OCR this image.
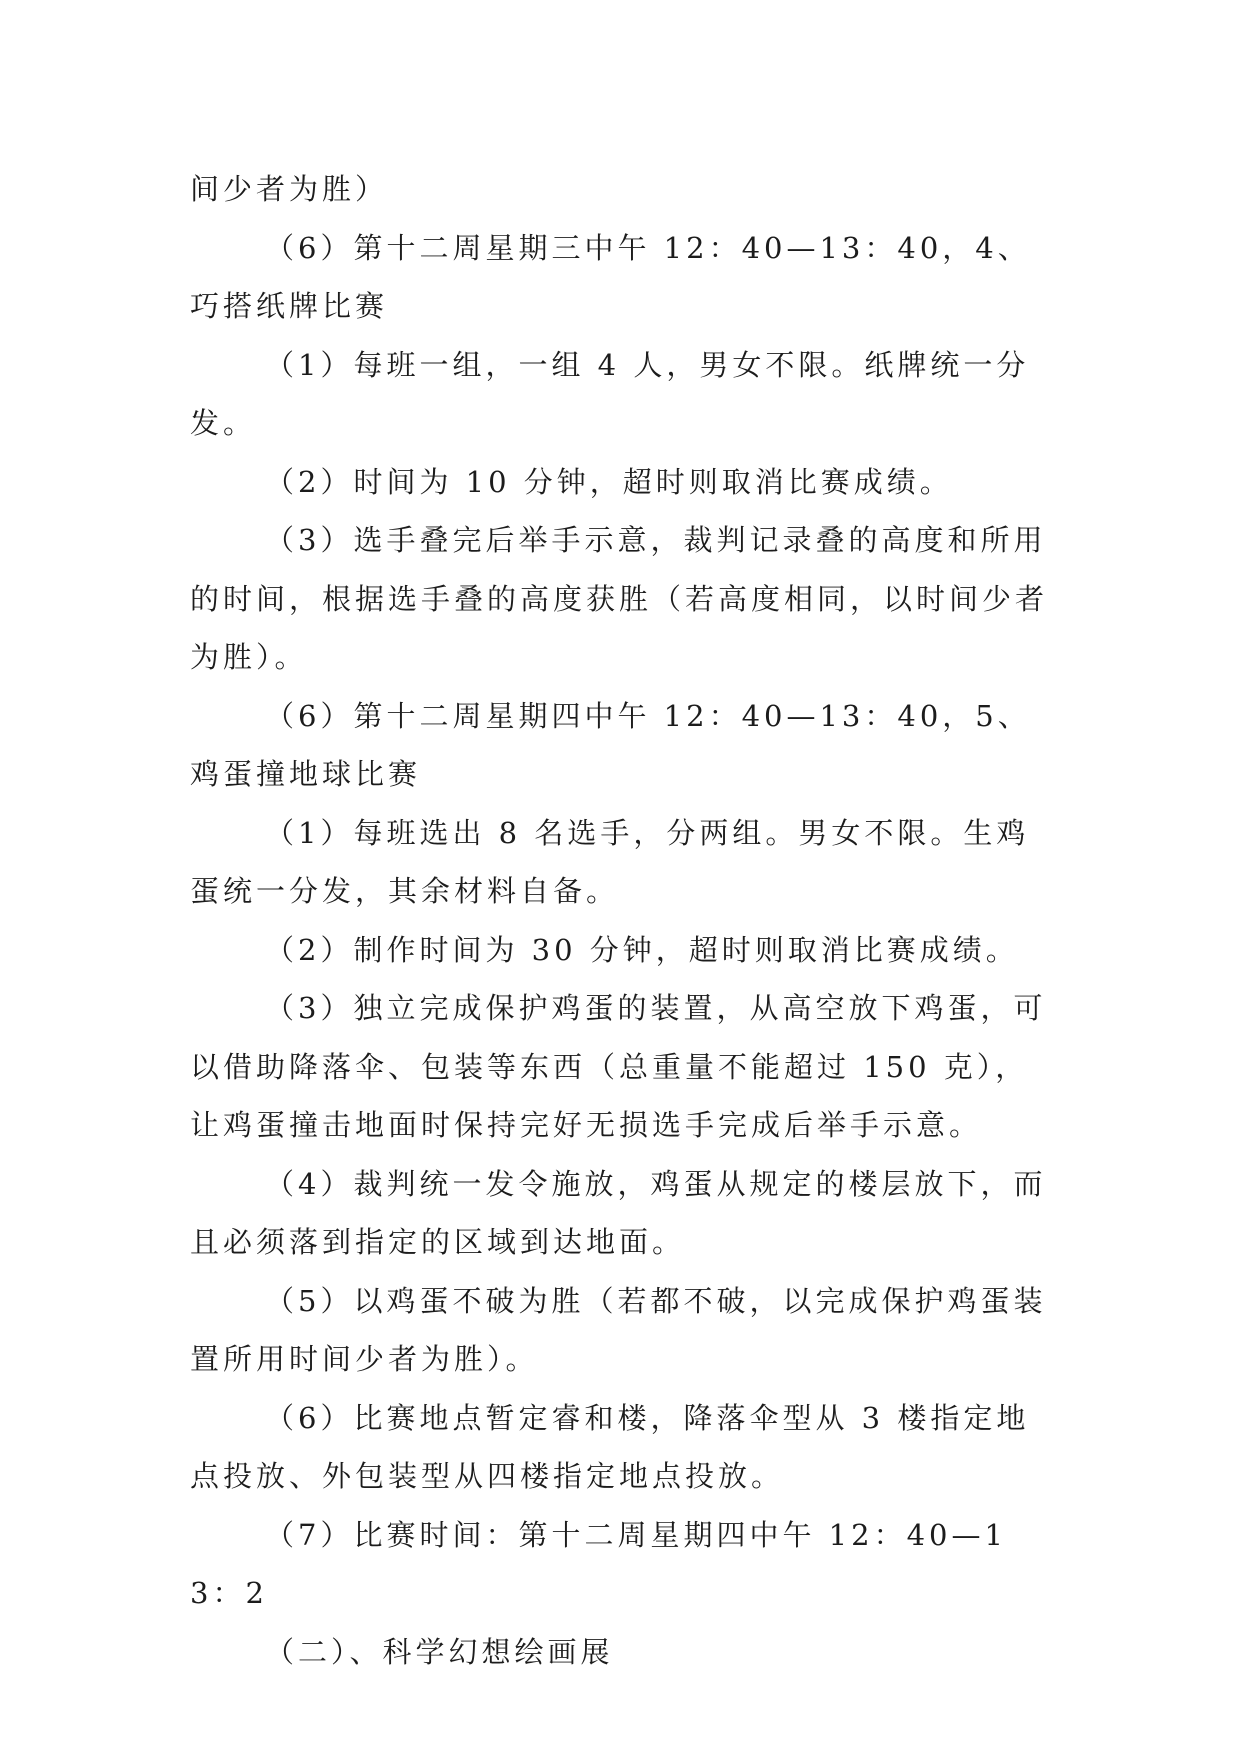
间少者为胜）

（6）第十二周星期三中午 12：40—13：40，4、巧搭纸牌比赛

（1）每班一组，一组 4 人，男女不限。纸牌统一分发。

（2）时间为 10 分钟，超时则取消比赛成绩。

（3）选手叠完后举手示意，裁判记录叠的高度和所用的时间，根据选手叠的高度获胜（若高度相同，以时间少者为胜）。

（6）第十二周星期四中午 12：40—13：40，5、鸡蛋撞地球比赛

（1）每班选出 8 名选手，分两组。男女不限。生鸡蛋统一分发，其余材料自备。

（2）制作时间为 30 分钟，超时则取消比赛成绩。

（3）独立完成保护鸡蛋的装置，从高空放下鸡蛋，可以借助降落伞、包装等东西（总重量不能超过 150 克），让鸡蛋撞击地面时保持完好无损选手完成后举手示意。

（4）裁判统一发令施放，鸡蛋从规定的楼层放下，而且必须落到指定的区域到达地面。

（5）以鸡蛋不破为胜（若都不破，以完成保护鸡蛋装置所用时间少者为胜）。

（6）比赛地点暂定睿和楼，降落伞型从 3 楼指定地点投放、外包装型从四楼指定地点投放。

（7）比赛时间：第十二周星期四中午 12：40—13：2

（二）、科学幻想绘画展
